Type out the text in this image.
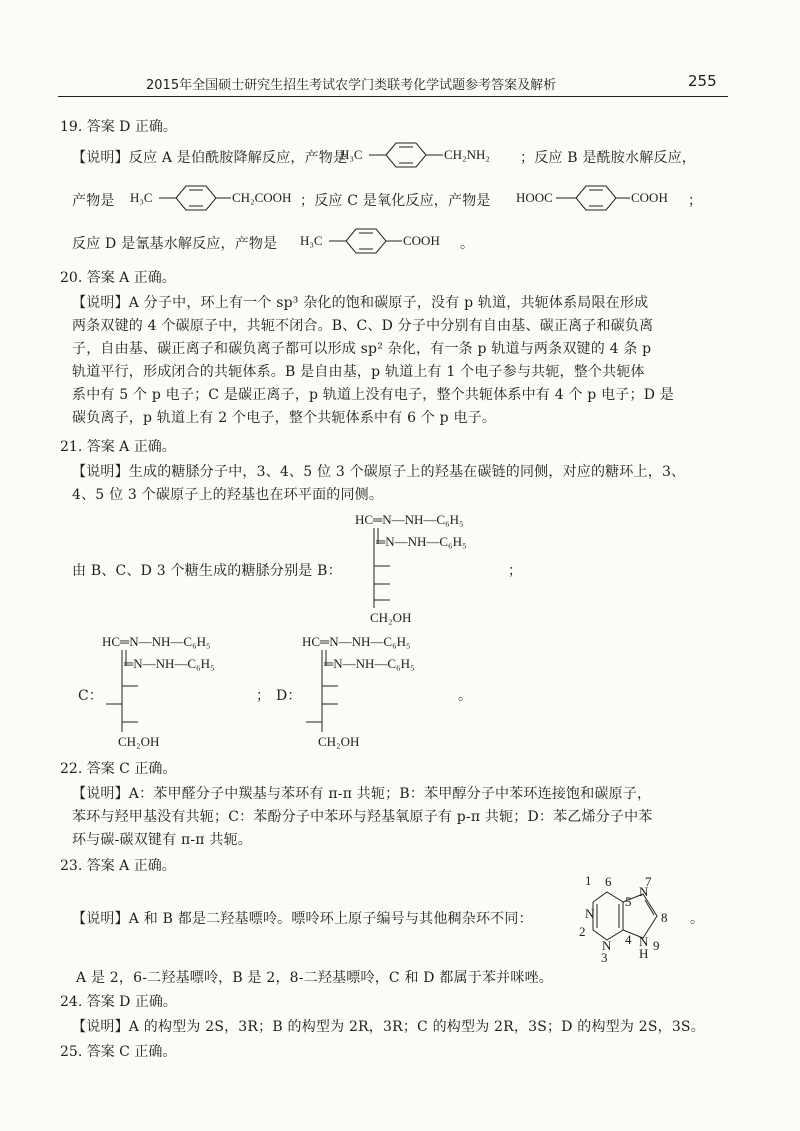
2015年全国硕士研究生招生考试农学门类联考化学试题参考答案及解析	255
19. 答案 D 正确。
【说明】反应 A 是伯酰胺降解反应，产物是
H₃C	CH₂NH₂ ；反应 B 是酰胺水解反应，
产物是 H₃C	CH₂COOH ；反应 C 是氧化反应，产物是 HOOC	COOH ；
反应 D 是氰基水解反应，产物是 H₃C	COOH 。
20. 答案 A 正确。
【说明】A 分子中，环上有一个 sp³ 杂化的饱和碳原子，没有 p 轨道，共轭体系局限在形成
两条双键的 4 个碳原子中，共轭不闭合。B、C、D 分子中分别有自由基、碳正离子和碳负离
子，自由基、碳正离子和碳负离子都可以形成 sp² 杂化，有一条 p 轨道与两条双键的 4 条 p
轨道平行，形成闭合的共轭体系。B 是自由基，p 轨道上有 1 个电子参与共轭，整个共轭体
系中有 5 个 p 电子；C 是碳正离子，p 轨道上没有电子，整个共轭体系中有 4 个 p 电子；D 是
碳负离子，p 轨道上有 2 个电子，整个共轭体系中有 6 个 p 电子。
21. 答案 A 正确。
【说明】生成的糖脎分子中，3、4、5 位 3 个碳原子上的羟基在碳链的同侧，对应的糖环上，3、
4、5 位 3 个碳原子上的羟基也在环平面的同侧。
由 B、C、D 3 个糖生成的糖脎分别是 B：
HC═N—NH—C₆H₅
═N—NH—C₆H₅
CH₂OH
；
C：
HC═N—NH—C₆H₅
═N—NH—C₆H₅
CH₂OH
； D：
HC═N—NH—C₆H₅
═N—NH—C₆H₅
CH₂OH
。
22. 答案 C 正确。
【说明】A：苯甲醛分子中羰基与苯环有 π-π 共轭；B：苯甲醇分子中苯环连接饱和碳原子，
苯环与羟甲基没有共轭；C：苯酚分子中苯环与羟基氧原子有 p-π 共轭；D：苯乙烯分子中苯
环与碳-碳双键有 π-π 共轭。
23. 答案 A 正确。
【说明】A 和 B 都是二羟基嘌呤。嘌呤环上原子编号与其他稠杂环不同：	N
1 6
2
N
3
4
5
N
7
8
N
H
9
。
A 是 2，6-二羟基嘌呤，B 是 2，8-二羟基嘌呤，C 和 D 都属于苯并咪唑。
24. 答案 D 正确。
【说明】A 的构型为 2S，3R；B 的构型为 2R，3R；C 的构型为 2R，3S；D 的构型为 2S，3S。
25. 答案 C 正确。
